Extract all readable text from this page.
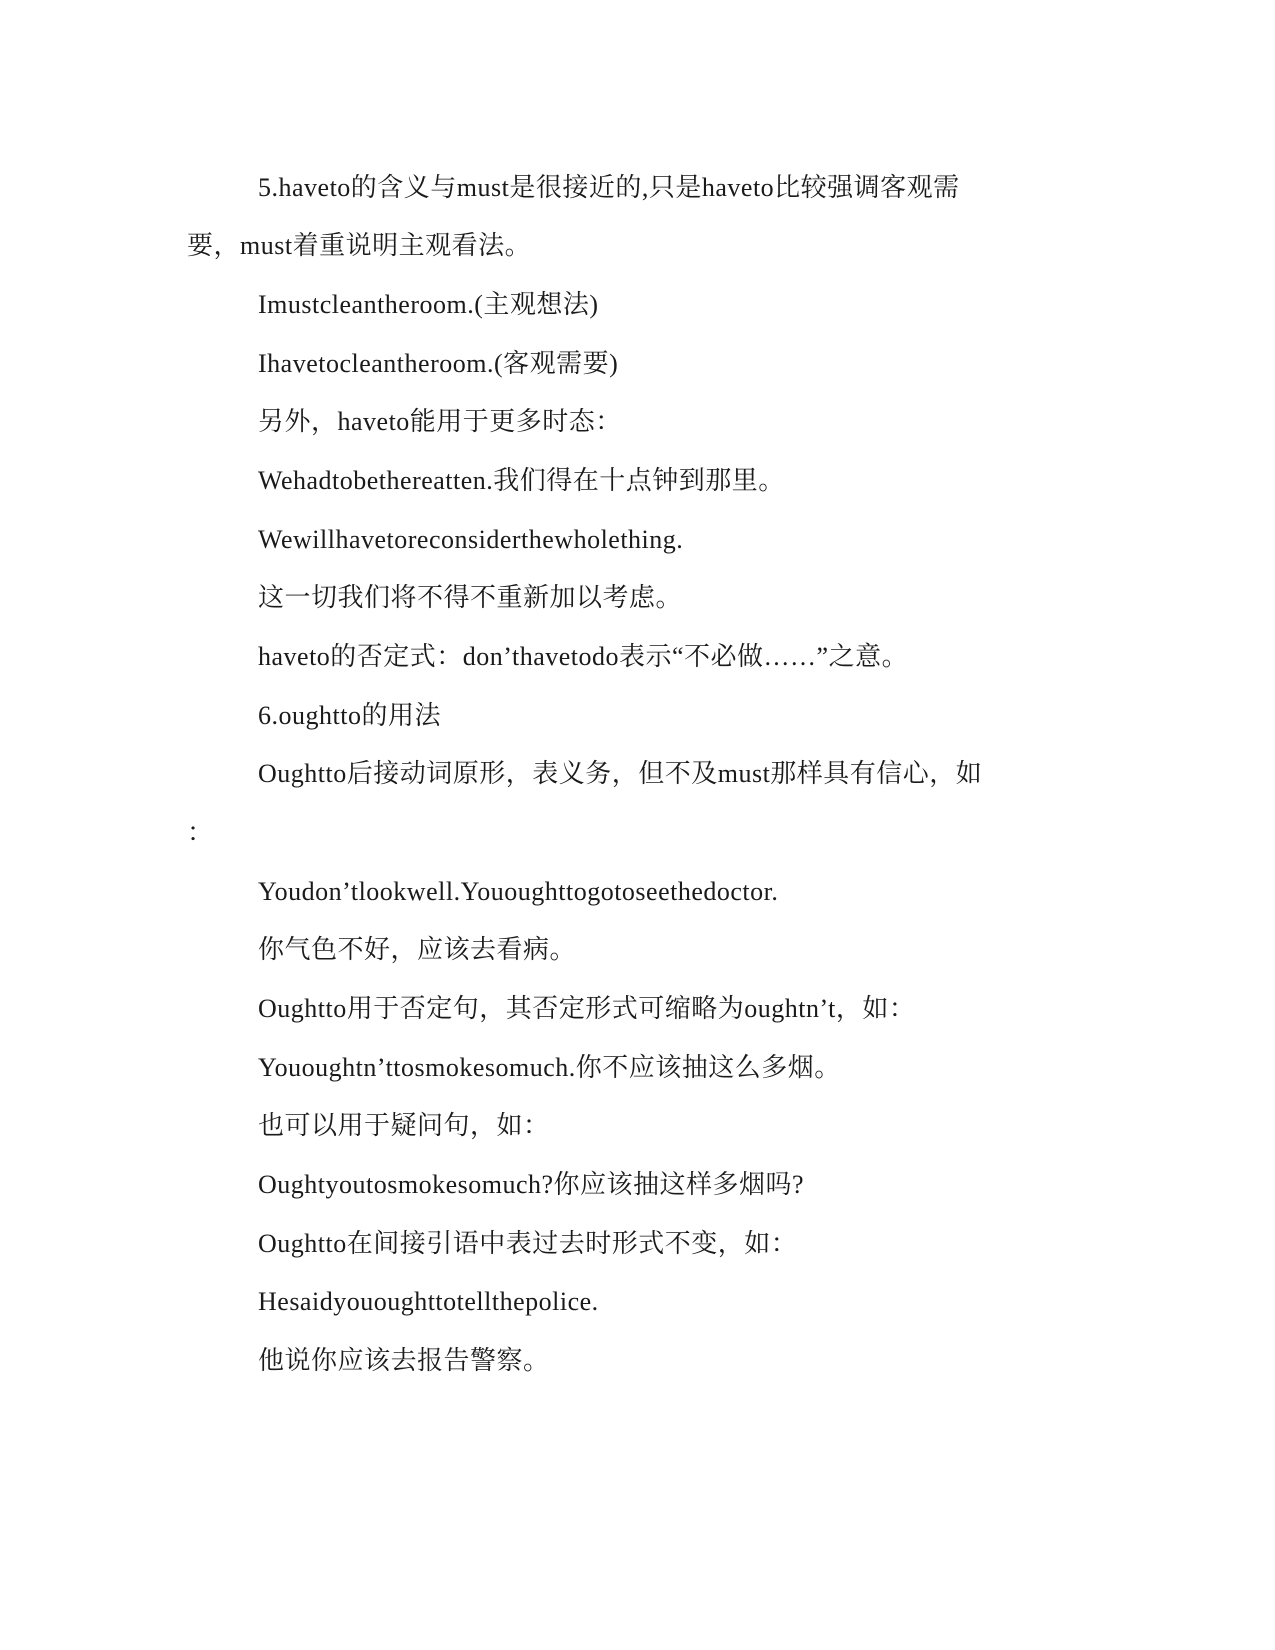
5.haveto的含义与must是很接近的,只是haveto比较强调客观需
要，must着重说明主观看法。
Imustcleantheroom.(主观想法)
Ihavetocleantheroom.(客观需要)
另外，haveto能用于更多时态：
Wehadtobethereatten.我们得在十点钟到那里。
Wewillhavetoreconsiderthewholething.
这一切我们将不得不重新加以考虑。
haveto的否定式：don’thavetodo表示“不必做……”之意。
6.oughtto的用法
Oughtto后接动词原形，表义务，但不及must那样具有信心，如
：
Youdon’tlookwell.Yououghttogotoseethedoctor.
你气色不好，应该去看病。
Oughtto用于否定句，其否定形式可缩略为oughtn’t，如：
Yououghtn’ttosmokesomuch.你不应该抽这么多烟。
也可以用于疑问句，如：
Oughtyoutosmokesomuch?你应该抽这样多烟吗?
Oughtto在间接引语中表过去时形式不变，如：
Hesaidyououghttotellthepolice.
他说你应该去报告警察。
